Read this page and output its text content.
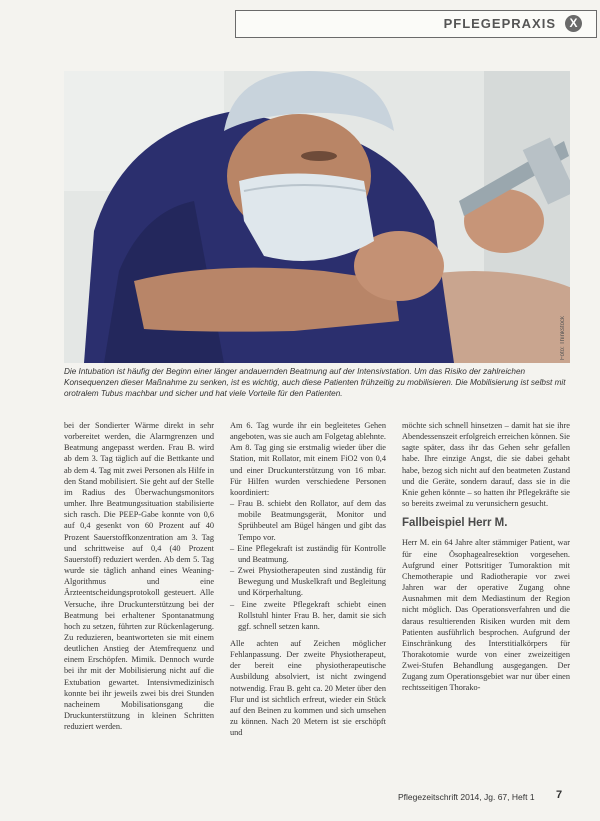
PFLEGEPRAXIS	X
Foto: Thinkstock
Die Intubation ist häufig der Beginn einer länger andauernden Beatmung auf der Intensivstation. Um das Risiko der zahlreichen Konsequenzen dieser Maßnahme zu senken, ist es wichtig, auch diese Patienten frühzeitig zu mobilisieren. Die Mobilisierung ist selbst mit orotralem Tubus machbar und sicher und hat viele Vorteile für den Patienten.

bei der Sondierter Wärme direkt in sehr vorbereitet werden, die Alarmgrenzen und Beatmung angepasst werden. Frau B. wird ab dem 3. Tag täglich auf die Bettkante und ab dem 4. Tag mit zwei Personen als Hilfe in den Stand mobilisiert. Sie geht auf der Stelle im Radius des Überwachungsmonitors umher. Ihre Beatmungssituation stabilisierte sich rasch. Die PEEP-Gabe konnte von 0,6 auf 0,4 gesenkt von 60 Prozent auf 40 Prozent Sauerstoffkonzentration am 3. Tag und schrittweise auf 0,4 (40 Prozent Sauerstoff) reduziert werden. Ab dem 5. Tag wurde sie täglich anhand eines Weaning-Algorithmus und eine Ärzteentscheidungsprotokoll gesteuert. Alle Versuche, ihre Druckunterstützung bei der Beatmung bei erhaltener Spontanatmung hoch zu setzen, führten zur Rückenlagerung. Zu reduzieren, beantworteten sie mit einem deutlichen Anstieg der Atemfrequenz und einem Erschöpfen. Mimik. Dennoch wurde bei ihr mit der Mobilisierung nicht auf die Extubation gewartet. Intensivmedizinisch konnte bei ihr jeweils zwei bis drei Stunden nacheinem Mobilisationsgang die Druckunterstützung in kleinen Schritten reduziert werden.

Am 6. Tag wurde ihr ein begleitetes Gehen angeboten, was sie auch am Folgetag ablehnte. Am 8. Tag ging sie erstmalig wieder über die Station, mit Rollator, mit einem FiO2 von 0,4 und einer Druckunterstützung von 16 mbar. Für Hilfen wurden verschiedene Personen koordiniert:

– Frau B. schiebt den Rollator, auf dem das mobile Beatmungsgerät, Monitor und Sprühbeutel am Bügel hängen und gibt das Tempo vor.
– Eine Pflegekraft ist zuständig für Kontrolle und Beatmung.
– Zwei Physiotherapeuten sind zuständig für Bewegung und Muskelkraft und Begleitung und Körperhaltung.
– Eine zweite Pflegekraft schiebt einen Rollstuhl hinter Frau B. her, damit sie sich ggf. schnell setzen kann.

Alle achten auf Zeichen möglicher Fehlanpassung. Der zweite Physiotherapeut, der bereit eine physiotherapeutische Ausbildung absolviert, ist nicht zwingend notwendig. Frau B. geht ca. 20 Meter über den Flur und ist sichtlich erfreut, wieder ein Stück auf den Beinen zu kommen und sich umsehen zu können. Nach 20 Metern ist sie erschöpft und

möchte sich schnell hinsetzen – damit hat sie ihre Abendessenszeit erfolgreich erreichen können. Sie sagte später, dass ihr das Gehen sehr gefallen habe. Ihre einzige Angst, die sie dabei gehabt habe, bezog sich nicht auf den beatmeten Zustand und die Geräte, sondern darauf, dass sie in die Knie gehen könnte – so hatten ihr Pflegekräfte sie so bereits zweimal zu verunsichern gesucht.

Fallbeispiel Herr M.

Herr M. ein 64 Jahre alter stämmiger Patient, war für eine Ösophagealresektion vorgesehen. Aufgrund einer Pottsritiger Tumoraktion mit Chemotherapie und Radiotherapie vor zwei Jahren war der operative Zugang ohne Ausnahmen mit dem Mediastinum der Region nicht möglich. Das Operationsverfahren und die daraus resultierenden Risiken wurden mit dem Patienten ausführlich besprochen. Aufgrund der Einschränkung des Interstitialkörpers für Thorakotomie wurde von einer zweizeitigen Zwei-Stufen Behandlung ausgegangen. Der Zugang zum Operationsgebiet war nur über einen rechtsseitigen Thorako-

Pflegezeitschrift 2014, Jg. 67, Heft 1 7
